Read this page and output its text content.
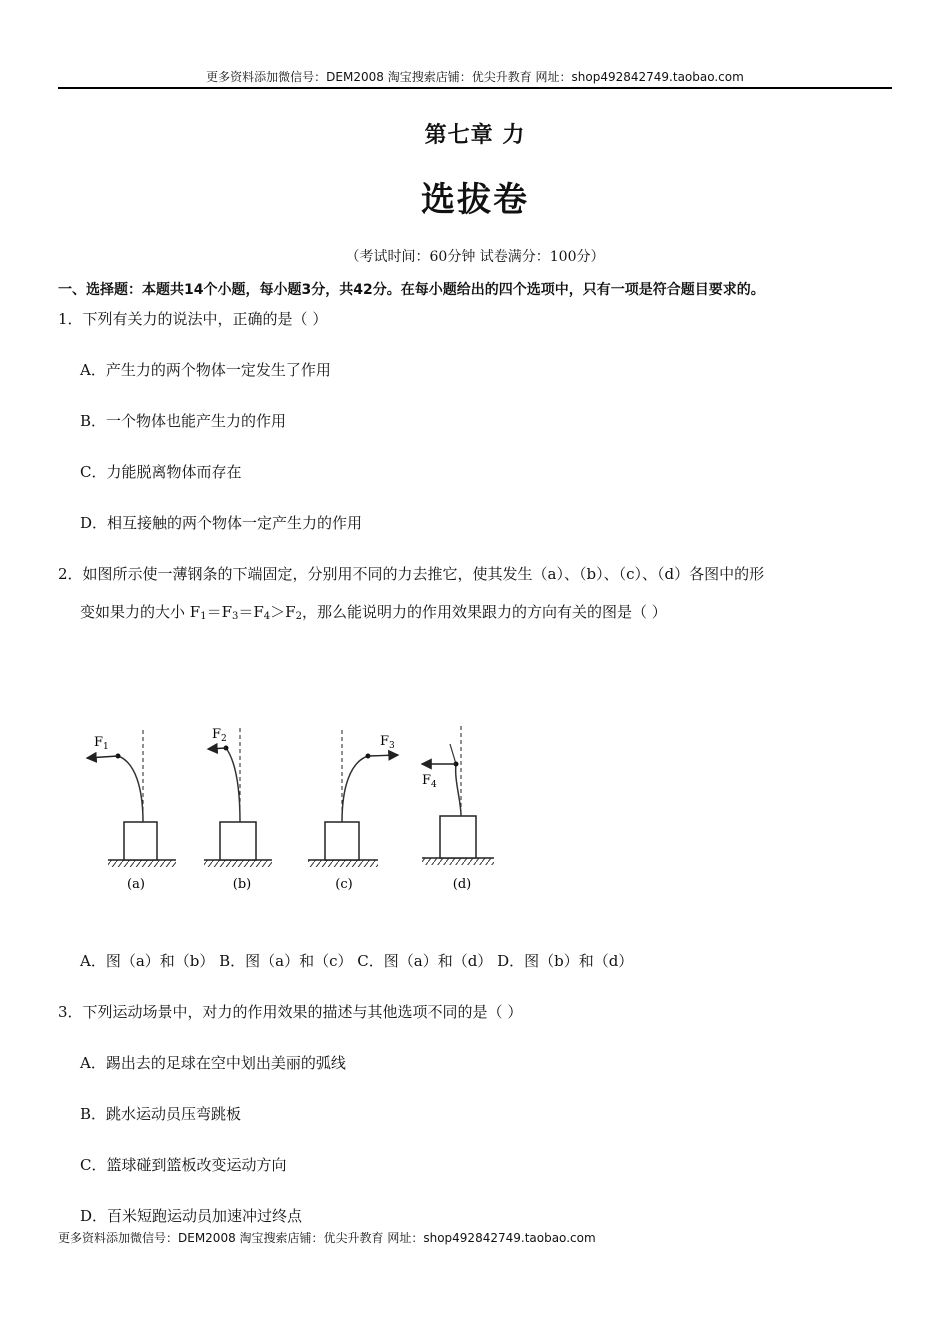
更多资料添加微信号：DEM2008 淘宝搜索店铺：优尖升教育 网址：shop492842749.taobao.com
第七章 力
选拔卷
（考试时间：60分钟 试卷满分：100分）
一、选择题：本题共14个小题，每小题3分，共42分。在每小题给出的四个选项中，只有一项是符合题目要求的。
1．下列有关力的说法中，正确的是（ ）
A．产生力的两个物体一定发生了作用
B．一个物体也能产生力的作用
C．力能脱离物体而存在
D．相互接触的两个物体一定产生力的作用
2．如图所示使一薄钢条的下端固定，分别用不同的力去推它，使其发生（a）、（b）、（c）、（d）各图中的形
变如果力的大小 $F_1=F_3=F_4>F_2$，那么能说明力的作用效果跟力的方向有关的图是（ ）
$F_1$
(a)
$F_2$
(b)
$F_3$
(c)
$F_4$
(d)
A．图（a）和（b） B．图（a）和（c） C．图（a）和（d） D．图（b）和（d）
3．下列运动场景中，对力的作用效果的描述与其他选项不同的是（ ）
A．踢出去的足球在空中划出美丽的弧线
B．跳水运动员压弯跳板
C．篮球碰到篮板改变运动方向
D．百米短跑运动员加速冲过终点
更多资料添加微信号：DEM2008 淘宝搜索店铺：优尖升教育 网址：shop492842749.taobao.com
